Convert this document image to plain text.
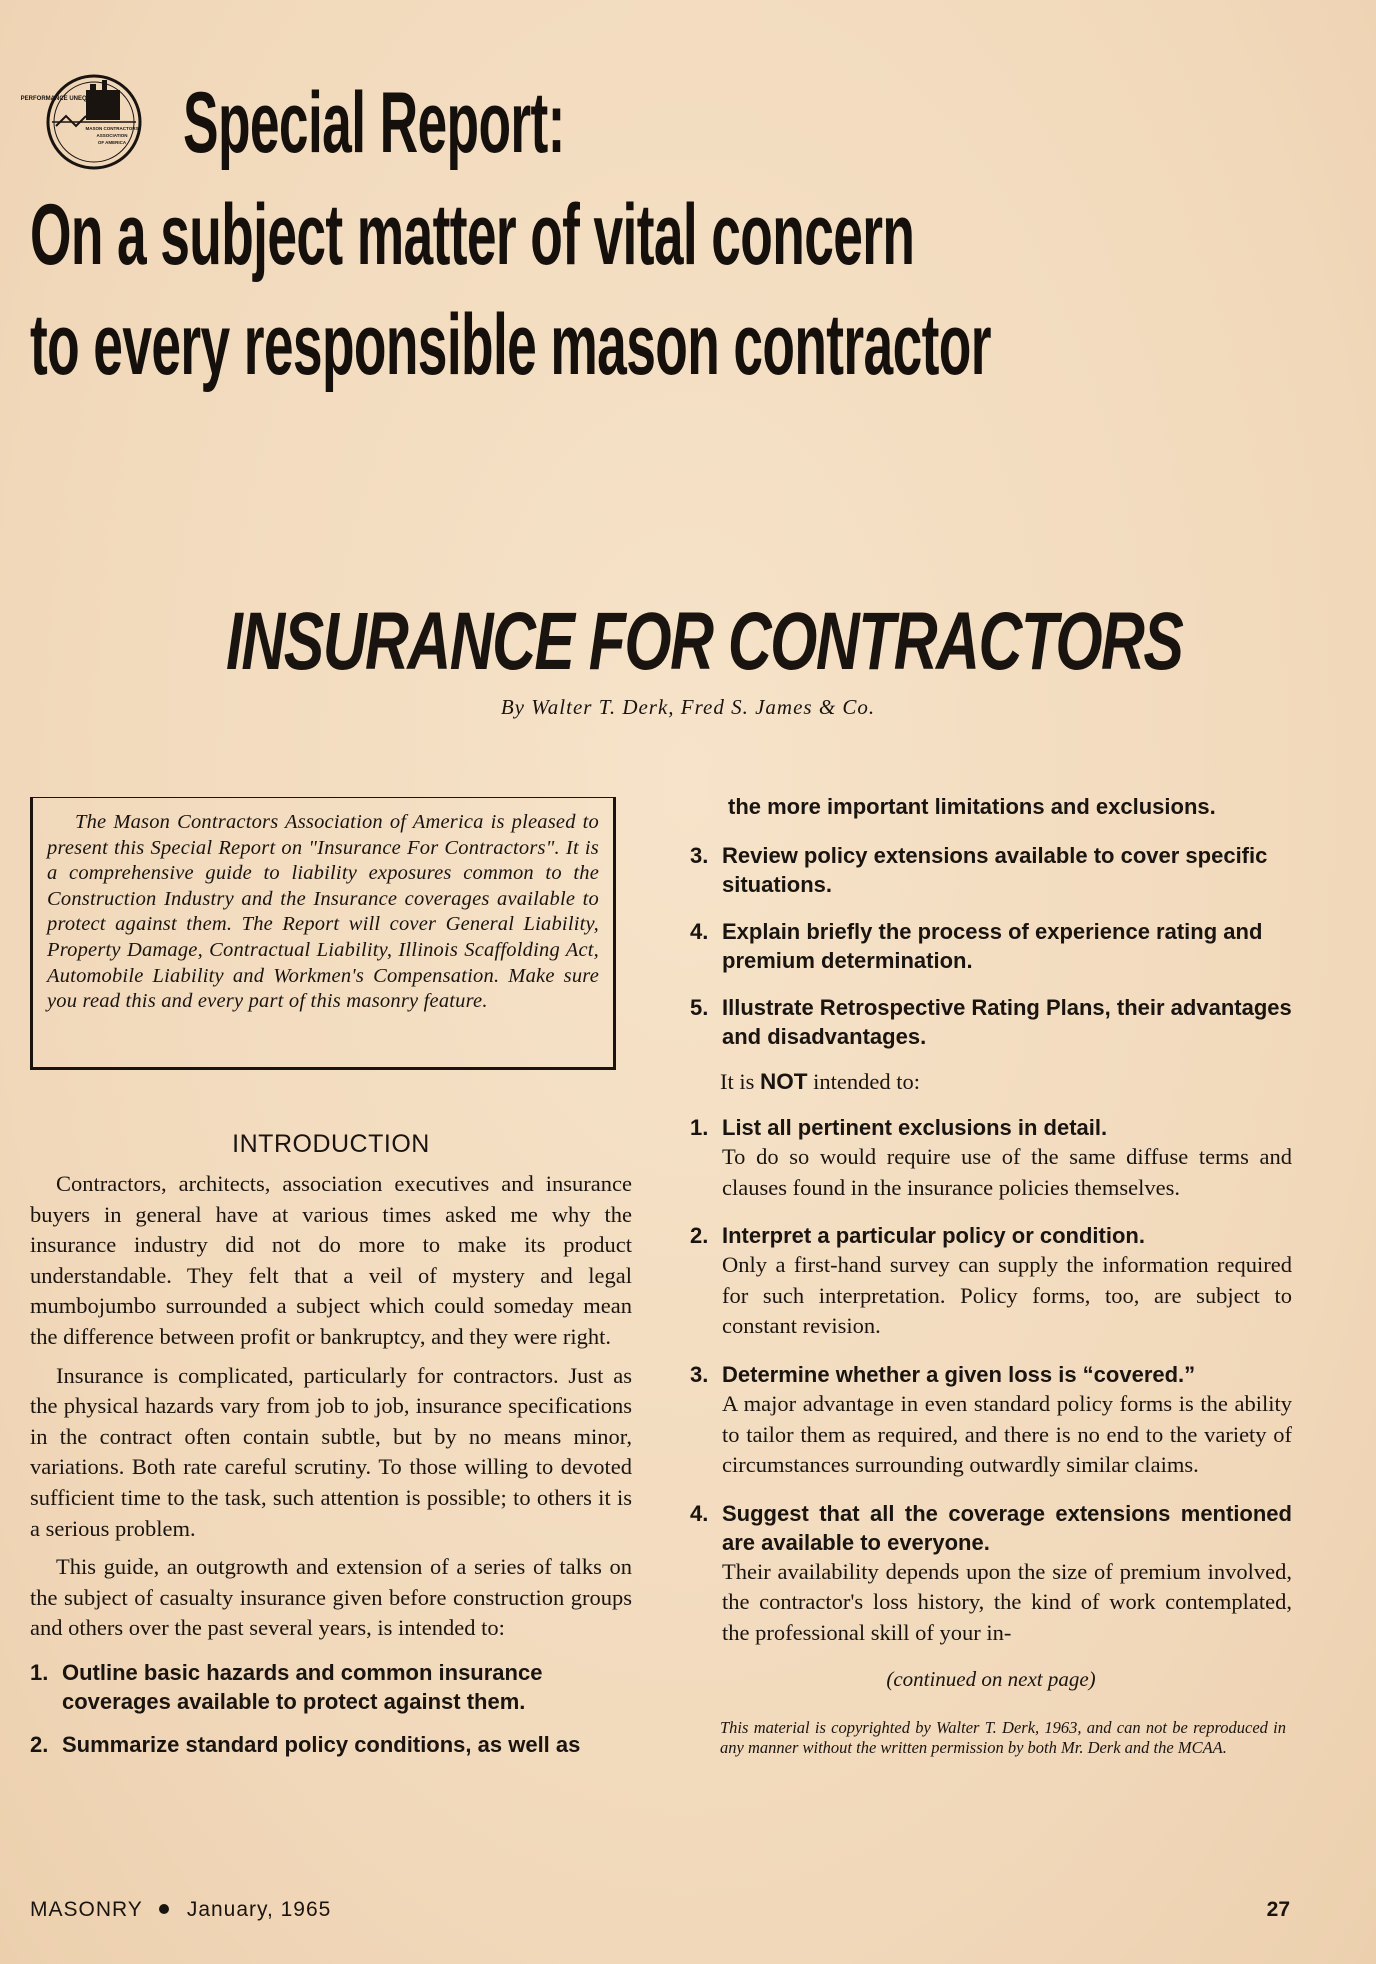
PERFORMANCE UNEQUALED
MASON CONTRACTORS
ASSOCIATION
OF AMERICA Special Report:
On a subject matter of vital concern
to every responsible mason contractor
INSURANCE FOR CONTRACTORS
By Walter T. Derk, Fred S. James & Co.

The Mason Contractors Association of America is pleased to present this Special Report on "Insurance For Contractors". It is a comprehensive guide to liability exposures common to the Construction Industry and the Insurance coverages available to protect against them. The Report will cover General Liability, Property Damage, Contractual Liability, Illinois Scaffolding Act, Automobile Liability and Workmen's Compensation. Make sure you read this and every part of this masonry feature.

INTRODUCTION

Contractors, architects, association executives and insurance buyers in general have at various times asked me why the insurance industry did not do more to make its product understandable. They felt that a veil of mystery and legal mumbojumbo surrounded a subject which could someday mean the difference between profit or bankruptcy, and they were right.

Insurance is complicated, particularly for contractors. Just as the physical hazards vary from job to job, insurance specifications in the contract often contain subtle, but by no means minor, variations. Both rate careful scrutiny. To those willing to devoted sufficient time to the task, such attention is possible; to others it is a serious problem.

This guide, an outgrowth and extension of a series of talks on the subject of casualty insurance given before construction groups and others over the past several years, is intended to:

1. Outline basic hazards and common insurance coverages available to protect against them.
2. Summarize standard policy conditions, as well as
the more important limitations and exclusions.
3. Review policy extensions available to cover specific situations.
4. Explain briefly the process of experience rating and premium determination.
5. Illustrate Retrospective Rating Plans, their advantages and disadvantages.
It is NOT intended to:
1. List all pertinent exclusions in detail.
To do so would require use of the same diffuse terms and clauses found in the insurance policies themselves.
2. Interpret a particular policy or condition.
Only a first-hand survey can supply the information required for such interpretation. Policy forms, too, are subject to constant revision.
3. Determine whether a given loss is “covered.”
A major advantage in even standard policy forms is the ability to tailor them as required, and there is no end to the variety of circumstances surrounding outwardly similar claims.
4. Suggest that all the coverage extensions mentioned are available to everyone.
Their availability depends upon the size of premium involved, the contractor's loss history, the kind of work contemplated, the professional skill of your in-
(continued on next page)
This material is copyrighted by Walter T. Derk, 1963, and can not be reproduced in any manner without the written permission by both Mr. Derk and the MCAA.
MASONRY January, 1965	27
